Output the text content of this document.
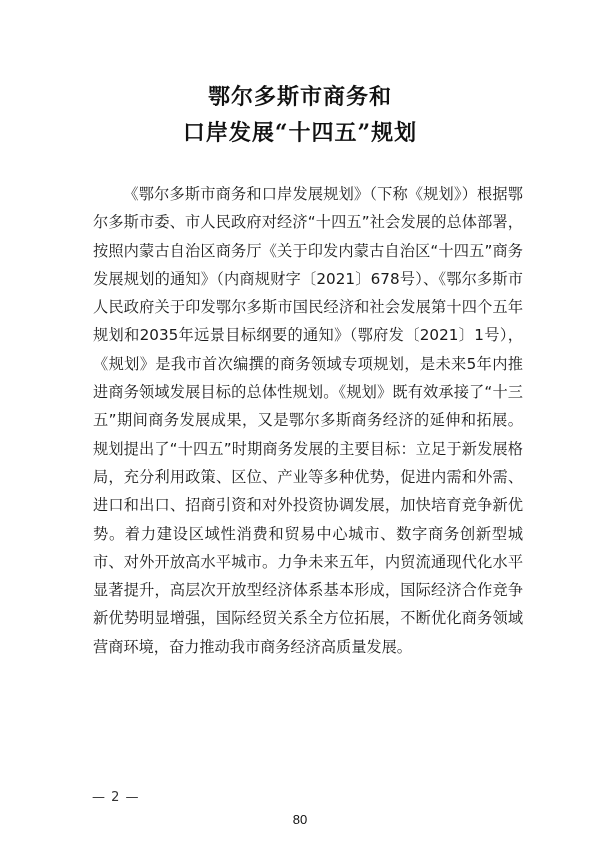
鄂尔多斯市商务和
口岸发展“十四五”规划

《鄂尔多斯市商务和口岸发展规划》（下称《规划》）根据鄂尔多斯市委、市人民政府对经济“十四五”社会发展的总体部署，按照内蒙古自治区商务厅《关于印发内蒙古自治区“十四五”商务发展规划的通知》（内商规财字〔2021〕678号）、《鄂尔多斯市人民政府关于印发鄂尔多斯市国民经济和社会发展第十四个五年规划和2035年远景目标纲要的通知》（鄂府发〔2021〕1号），《规划》是我市首次编撰的商务领域专项规划，是未来5年内推进商务领域发展目标的总体性规划。《规划》既有效承接了“十三五”期间商务发展成果，又是鄂尔多斯商务经济的延伸和拓展。规划提出了“十四五”时期商务发展的主要目标：立足于新发展格局，充分利用政策、区位、产业等多种优势，促进内需和外需、进口和出口、招商引资和对外投资协调发展，加快培育竞争新优势。着力建设区域性消费和贸易中心城市、数字商务创新型城市、对外开放高水平城市。力争未来五年，内贸流通现代化水平显著提升，高层次开放型经济体系基本形成，国际经济合作竞争新优势明显增强，国际经贸关系全方位拓展，不断优化商务领域营商环境，奋力推动我市商务经济高质量发展。

— 2 —
80
